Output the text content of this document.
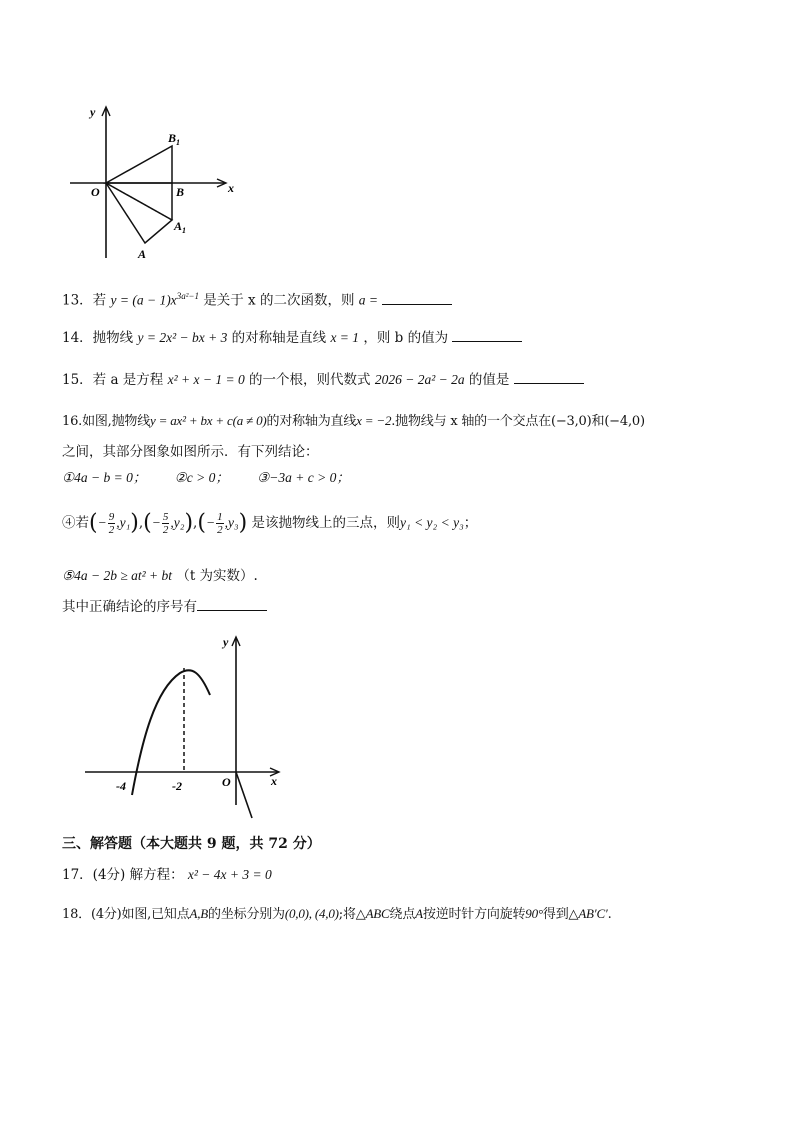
y
x
O	B
$B_1$
$A_1$
A
13．若 $y = (a - 1)x^{3a^2-1}$ 是关于 x 的二次函数，则 a =
14．抛物线 y = 2x² − bx + 3 的对称轴是直线 x = 1 ，则 b 的值为
15．若 a 是方程 x² + x − 1 = 0 的一个根，则代数式 2026 − 2a² − 2a 的值是
16.如图,抛物线y = ax² + bx + c(a ≠ 0)的对称轴为直线x = −2.抛物线与 x 轴的一个交点在(−3,0)和(−4,0)
之间，其部分图象如图所示．有下列结论：
①4a − b = 0； ②c > 0； ③−3a + c > 0；
④若(− $\frac{9}{2} ,y_1),(- \frac{5}{2} ,y_2),(- \frac{1}{2} ,y_3)$ 是该抛物线上的三点，则y₁ < y₂ < y₃；
⑤4a − 2b ≥ at² + bt （t 为实数）.
其中正确结论的序号有
y
x
O
-4	-2
三、解答题（本大题共 9 题，共 72 分）
17．(4分) 解方程： x² − 4x + 3 = 0
18．(4分)如图,已知点A,B的坐标分别为(0,0), (4,0);将△ABC绕点A按逆时针方向旋转90°得到△AB′C′.
